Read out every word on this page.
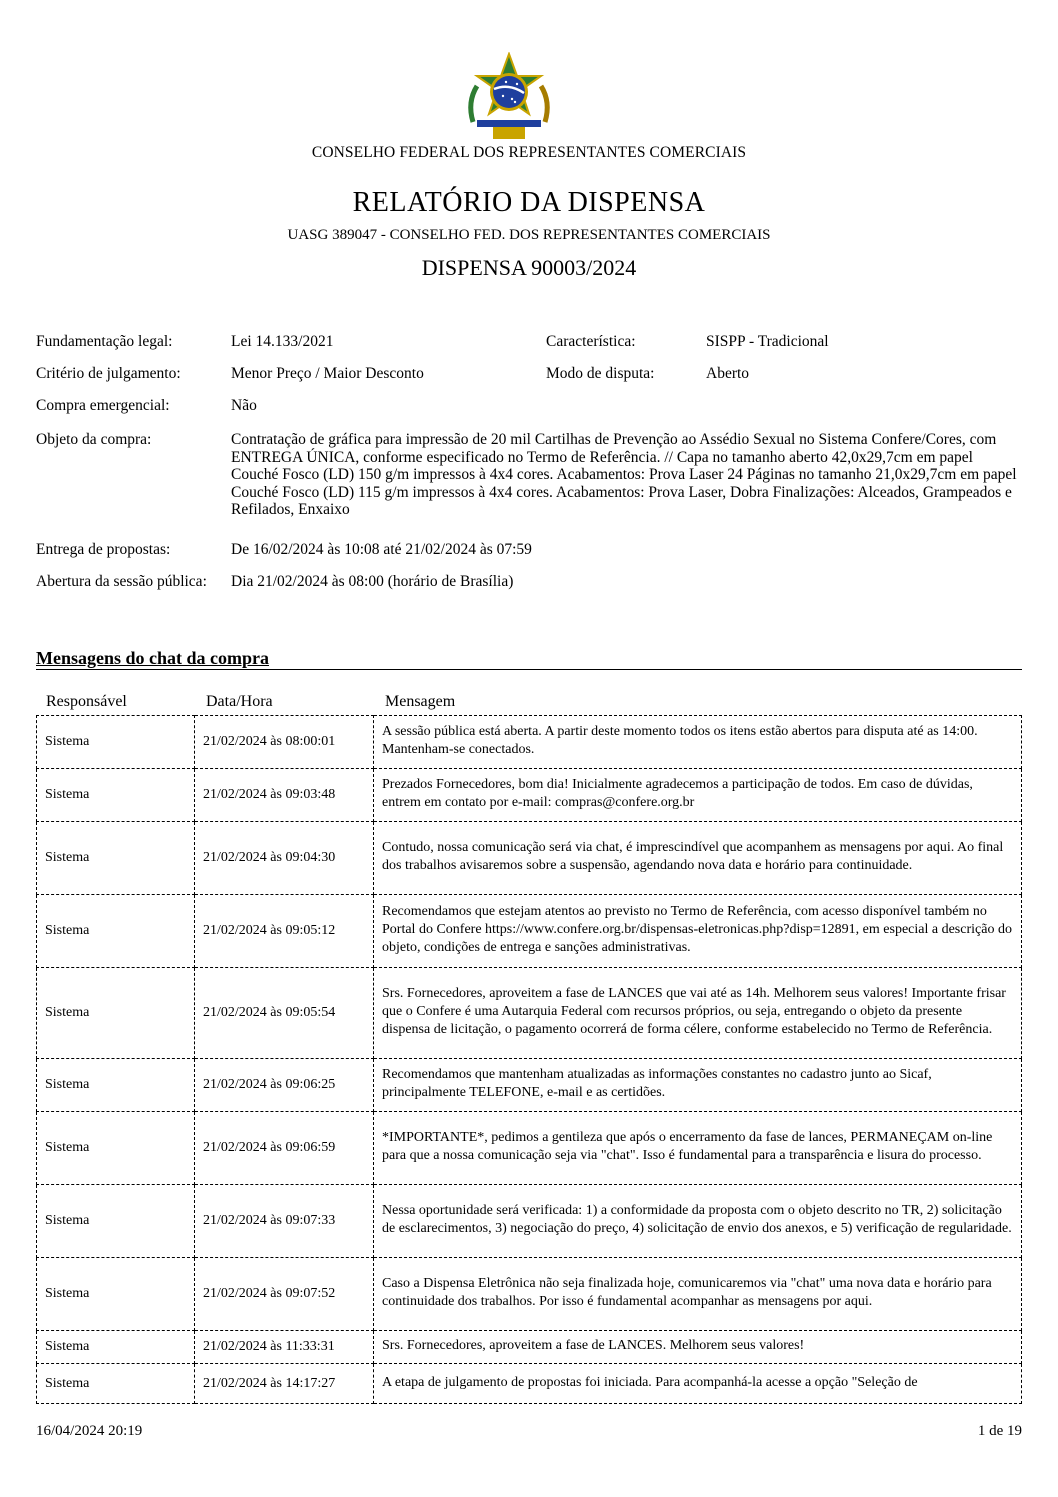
CONSELHO FEDERAL DOS REPRESENTANTES COMERCIAIS
RELATÓRIO DA DISPENSA
UASG 389047 - CONSELHO FED. DOS REPRESENTANTES COMERCIAIS
DISPENSA 90003/2024
Fundamentação legal:	Lei 14.133/2021	Característica:	SISPP - Tradicional
Critério de julgamento:	Menor Preço / Maior Desconto	Modo de disputa:	Aberto
Compra emergencial:	Não
Objeto da compra:	Contratação de gráfica para impressão de 20 mil Cartilhas de Prevenção ao Assédio Sexual no Sistema Confere/Cores, com ENTREGA ÚNICA, conforme especificado no Termo de Referência. // Capa no tamanho aberto 42,0x29,7cm em papel Couché Fosco (LD) 150 g/m impressos à 4x4 cores. Acabamentos: Prova Laser 24 Páginas no tamanho 21,0x29,7cm em papel Couché Fosco (LD) 115 g/m impressos à 4x4 cores. Acabamentos: Prova Laser, Dobra Finalizações: Alceados, Grampeados e Refilados, Enxaixo
Entrega de propostas:	De 16/02/2024 às 10:08 até 21/02/2024 às 07:59
Abertura da sessão pública: Dia 21/02/2024 às 08:00 (horário de Brasília)
Mensagens do chat da compra
Responsável	Data/Hora	Mensagem
Sistema	21/02/2024 às 08:00:01	A sessão pública está aberta. A partir deste momento todos os itens estão abertos para disputa até as 14:00. Mantenham-se conectados.
Sistema	21/02/2024 às 09:03:48	Prezados Fornecedores, bom dia! Inicialmente agradecemos a participação de todos. Em caso de dúvidas, entrem em contato por e-mail: compras@confere.org.br
Sistema	21/02/2024 às 09:04:30	Contudo, nossa comunicação será via chat, é imprescindível que acompanhem as mensagens por aqui. Ao final dos trabalhos avisaremos sobre a suspensão, agendando nova data e horário para continuidade.
Sistema	21/02/2024 às 09:05:12	Recomendamos que estejam atentos ao previsto no Termo de Referência, com acesso disponível também no Portal do Confere https://www.confere.org.br/dispensas-eletronicas.php?disp=12891, em especial a descrição do objeto, condições de entrega e sanções administrativas.
Sistema	21/02/2024 às 09:05:54	Srs. Fornecedores, aproveitem a fase de LANCES que vai até as 14h. Melhorem seus valores! Importante frisar que o Confere é uma Autarquia Federal com recursos próprios, ou seja, entregando o objeto da presente dispensa de licitação, o pagamento ocorrerá de forma célere, conforme estabelecido no Termo de Referência.
Sistema	21/02/2024 às 09:06:25	Recomendamos que mantenham atualizadas as informações constantes no cadastro junto ao Sicaf, principalmente TELEFONE, e-mail e as certidões.
Sistema	21/02/2024 às 09:06:59	*IMPORTANTE*, pedimos a gentileza que após o encerramento da fase de lances, PERMANEÇAM on-line para que a nossa comunicação seja via "chat". Isso é fundamental para a transparência e lisura do processo.
Sistema	21/02/2024 às 09:07:33	Nessa oportunidade será verificada: 1) a conformidade da proposta com o objeto descrito no TR, 2) solicitação de esclarecimentos, 3) negociação do preço, 4) solicitação de envio dos anexos, e 5) verificação de regularidade.
Sistema	21/02/2024 às 09:07:52	Caso a Dispensa Eletrônica não seja finalizada hoje, comunicaremos via "chat" uma nova data e horário para continuidade dos trabalhos. Por isso é fundamental acompanhar as mensagens por aqui.
Sistema	21/02/2024 às 11:33:31	Srs. Fornecedores, aproveitem a fase de LANCES. Melhorem seus valores!
Sistema	21/02/2024 às 14:17:27	A etapa de julgamento de propostas foi iniciada. Para acompanhá-la acesse a opção "Seleção de
16/04/2024 20:19	1 de 19
